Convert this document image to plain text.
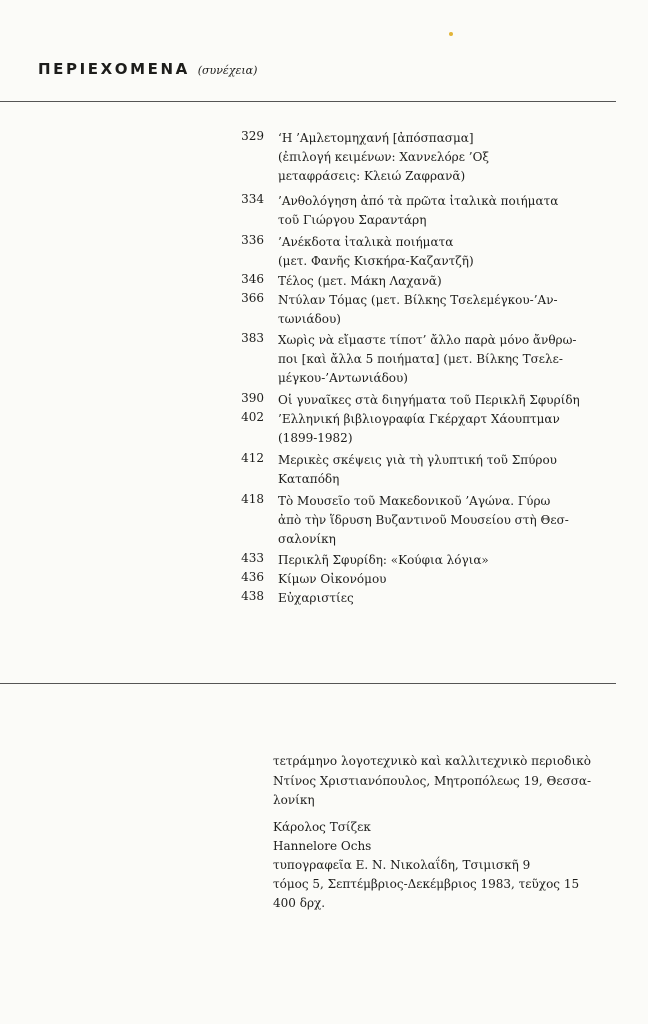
ΠΕΡΙΕΧΟΜΕΝΑ (συνέχεια)
329 ‘Η ’Αμλετομηχανή [ἀπόσπασμα]
(ἐπιλογή κειμένων: Χαννελόρε ’Οξ
μεταφράσεις: Κλειώ Ζαφρανᾶ)
334 ’Ανθολόγηση ἀπό τὰ πρῶτα ἰταλικὰ ποιήματα
τοῦ Γιώργου Σαραντάρη
336 ’Ανέκδοτα ἰταλικὰ ποιήματα
(μετ. Φανῆς Κισκήρα-Καζαντζῆ)
346 Τέλος (μετ. Μάκη Λαχανᾶ)
366 Ντύλαν Τόμας (μετ. Βίλκης Τσελεμέγκου-’Αν-
τωνιάδου)
383 Χωρὶς νὰ εἴμαστε τίποτ’ ἄλλο παρὰ μόνο ἄνθρω-
ποι [καὶ ἄλλα 5 ποιήματα] (μετ. Βίλκης Τσελε-
μέγκου-’Αντωνιάδου)
390 Οἱ γυναῖκες στὰ διηγήματα τοῦ Περικλῆ Σφυρίδη
402 ’Ελληνική βιβλιογραφία Γκέρχαρτ Χάουπτμαν
(1899-1982)
412 Μερικὲς σκέψεις γιὰ τὴ γλυπτική τοῦ Σπύρου
Καταπόδη
418 Τὸ Μουσεῖο τοῦ Μακεδονικοῦ ’Αγώνα. Γύρω
ἀπὸ τὴν ἵδρυση Βυζαντινοῦ Μουσείου στὴ Θεσ-
σαλονίκη
433 Περικλῆ Σφυρίδη: «Κούφια λόγια»
436 Κίμων Οἰκονόμου
438 Εὐχαριστίες
τετράμηνο λογοτεχνικὸ καὶ καλλιτεχνικὸ περιοδικὸ
Ντίνος Χριστιανόπουλος, Μητροπόλεως 19, Θεσσα-
λονίκη
Κάρολος Τσίζεκ
Hannelore Ochs
τυπογραφεῖα Ε. Ν. Νικολαΐδη, Τσιμισκῆ 9
τόμος 5, Σεπτέμβριος-Δεκέμβριος 1983, τεῦχος 15
400 δρχ.
